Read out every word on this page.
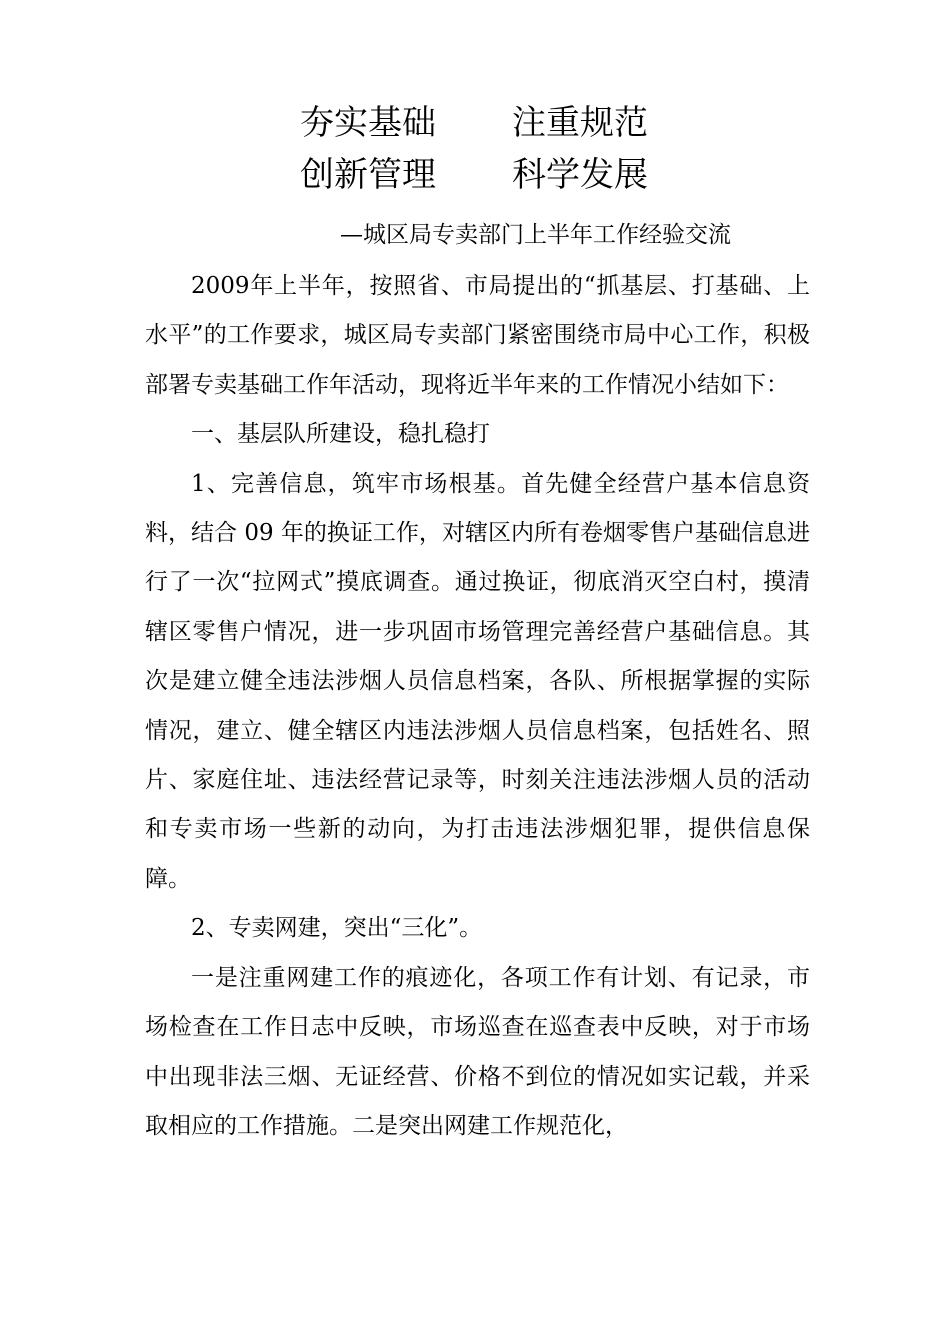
夯实基础 注重规范
创新管理 科学发展
—城区局专卖部门上半年工作经验交流

2009年上半年，按照省、市局提出的“抓基层、打基础、上水平”的工作要求，城区局专卖部门紧密围绕市局中心工作，积极部署专卖基础工作年活动，现将近半年来的工作情况小结如下：

一、基层队所建设，稳扎稳打

1、完善信息，筑牢市场根基。首先健全经营户基本信息资料，结合 09 年的换证工作，对辖区内所有卷烟零售户基础信息进行了一次“拉网式”摸底调查。通过换证，彻底消灭空白村，摸清辖区零售户情况，进一步巩固市场管理完善经营户基础信息。其次是建立健全违法涉烟人员信息档案，各队、所根据掌握的实际情况，建立、健全辖区内违法涉烟人员信息档案，包括姓名、照片、家庭住址、违法经营记录等，时刻关注违法涉烟人员的活动和专卖市场一些新的动向，为打击违法涉烟犯罪，提供信息保障。

2、专卖网建，突出“三化”。

一是注重网建工作的痕迹化，各项工作有计划、有记录，市场检查在工作日志中反映，市场巡查在巡查表中反映，对于市场中出现非法三烟、无证经营、价格不到位的情况如实记载，并采取相应的工作措施。二是突出网建工作规范化，
